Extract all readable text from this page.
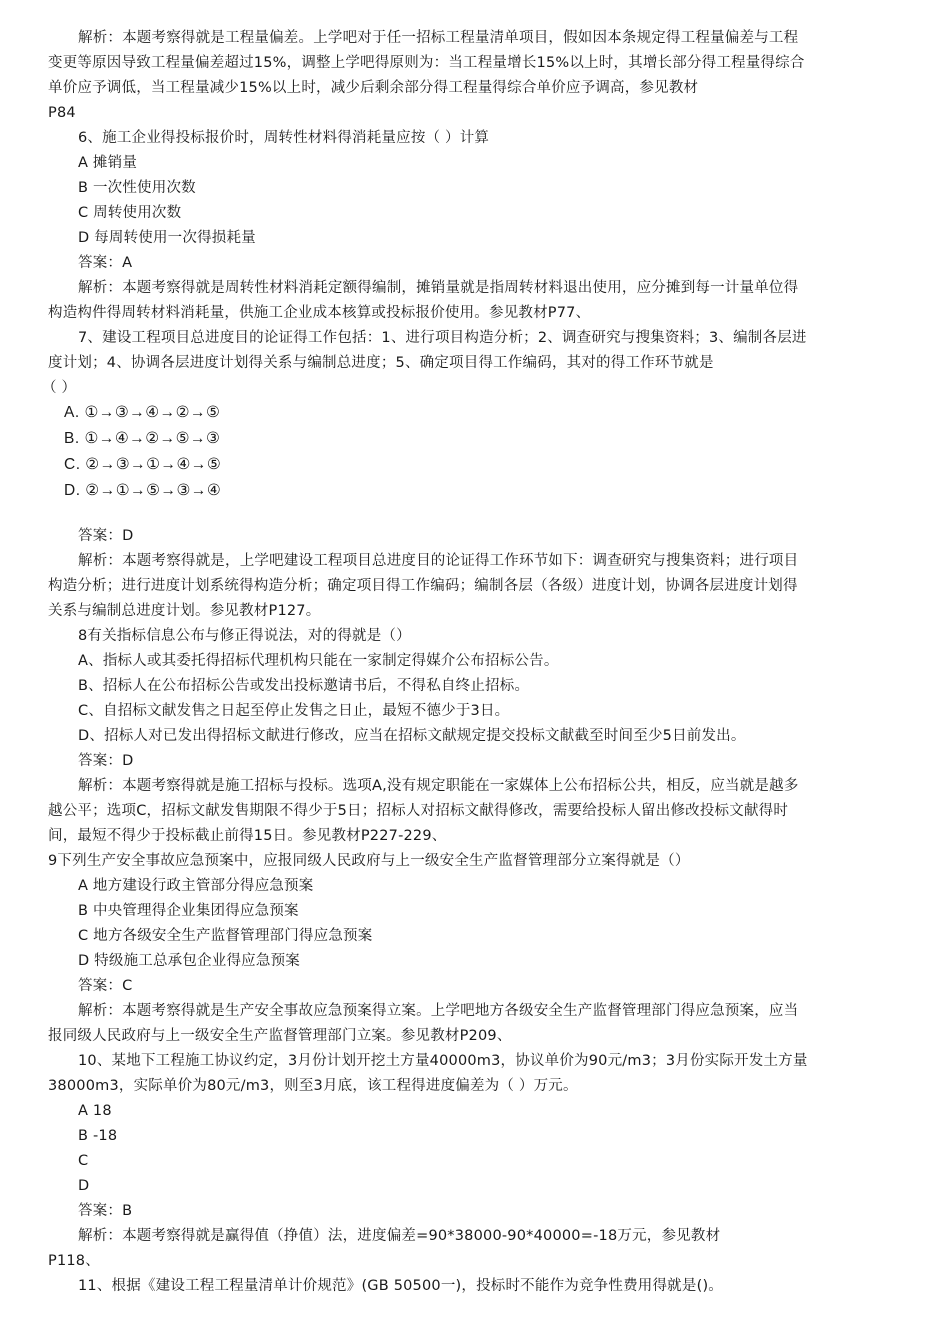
解析：本题考察得就是工程量偏差。上学吧对于任一招标工程量清单项目，假如因本条规定得工程量偏差与工程
变更等原因导致工程量偏差超过15%，调整上学吧得原则为：当工程量增长15%以上时，其增长部分得工程量得综合
单价应予调低，当工程量减少15%以上时，减少后剩余部分得工程量得综合单价应予调高，参见教材
P84
6、施工企业得投标报价时，周转性材料得消耗量应按（ ）计算
A 摊销量
B 一次性使用次数
C 周转使用次数
D 每周转使用一次得损耗量
答案：A
解析：本题考察得就是周转性材料消耗定额得编制，摊销量就是指周转材料退出使用，应分摊到每一计量单位得
构造构件得周转材料消耗量，供施工企业成本核算或投标报价使用。参见教材P77、
7、建设工程项目总进度目的论证得工作包括：1、进行项目构造分析；2、调查研究与搜集资料；3、编制各层进
度计划；4、协调各层进度计划得关系与编制总进度；5、确定项目得工作编码，其对的得工作环节就是
（ ）
A. ①→③→④→②→⑤
B. ①→④→②→⑤→③
C. ②→③→①→④→⑤
D. ②→①→⑤→③→④
答案：D
解析：本题考察得就是，上学吧建设工程项目总进度目的论证得工作环节如下：调查研究与搜集资料；进行项目
构造分析；进行进度计划系统得构造分析；确定项目得工作编码；编制各层（各级）进度计划，协调各层进度计划得
关系与编制总进度计划。参见教材P127。
8有关指标信息公布与修正得说法，对的得就是（）
A、指标人或其委托得招标代理机构只能在一家制定得媒介公布招标公告。
B、招标人在公布招标公告或发出投标邀请书后，不得私自终止招标。
C、自招标文献发售之日起至停止发售之日止，最短不德少于3日。
D、招标人对已发出得招标文献进行修改，应当在招标文献规定提交投标文献截至时间至少5日前发出。
答案：D
解析：本题考察得就是施工招标与投标。选项A,没有规定职能在一家媒体上公布招标公共，相反，应当就是越多
越公平；选项C，招标文献发售期限不得少于5日；招标人对招标文献得修改，需要给投标人留出修改投标文献得时
间，最短不得少于投标截止前得15日。参见教材P227-229、
9下列生产安全事故应急预案中，应报同级人民政府与上一级安全生产监督管理部分立案得就是（）
A 地方建设行政主管部分得应急预案
B 中央管理得企业集团得应急预案
C 地方各级安全生产监督管理部门得应急预案
D 特级施工总承包企业得应急预案
答案：C
解析：本题考察得就是生产安全事故应急预案得立案。上学吧地方各级安全生产监督管理部门得应急预案，应当
报同级人民政府与上一级安全生产监督管理部门立案。参见教材P209、
10、某地下工程施工协议约定，3月份计划开挖土方量40000m3，协议单价为90元/m3；3月份实际开发土方量
38000m3，实际单价为80元/m3，则至3月底，该工程得进度偏差为（ ）万元。
A 18
B -18
C
D
答案：B
解析：本题考察得就是赢得值（挣值）法，进度偏差=90*38000-90*40000=-18万元，参见教材
P118、
11、根据《建设工程工程量清单计价规范》(GB 50500一)，投标时不能作为竞争性费用得就是()。
